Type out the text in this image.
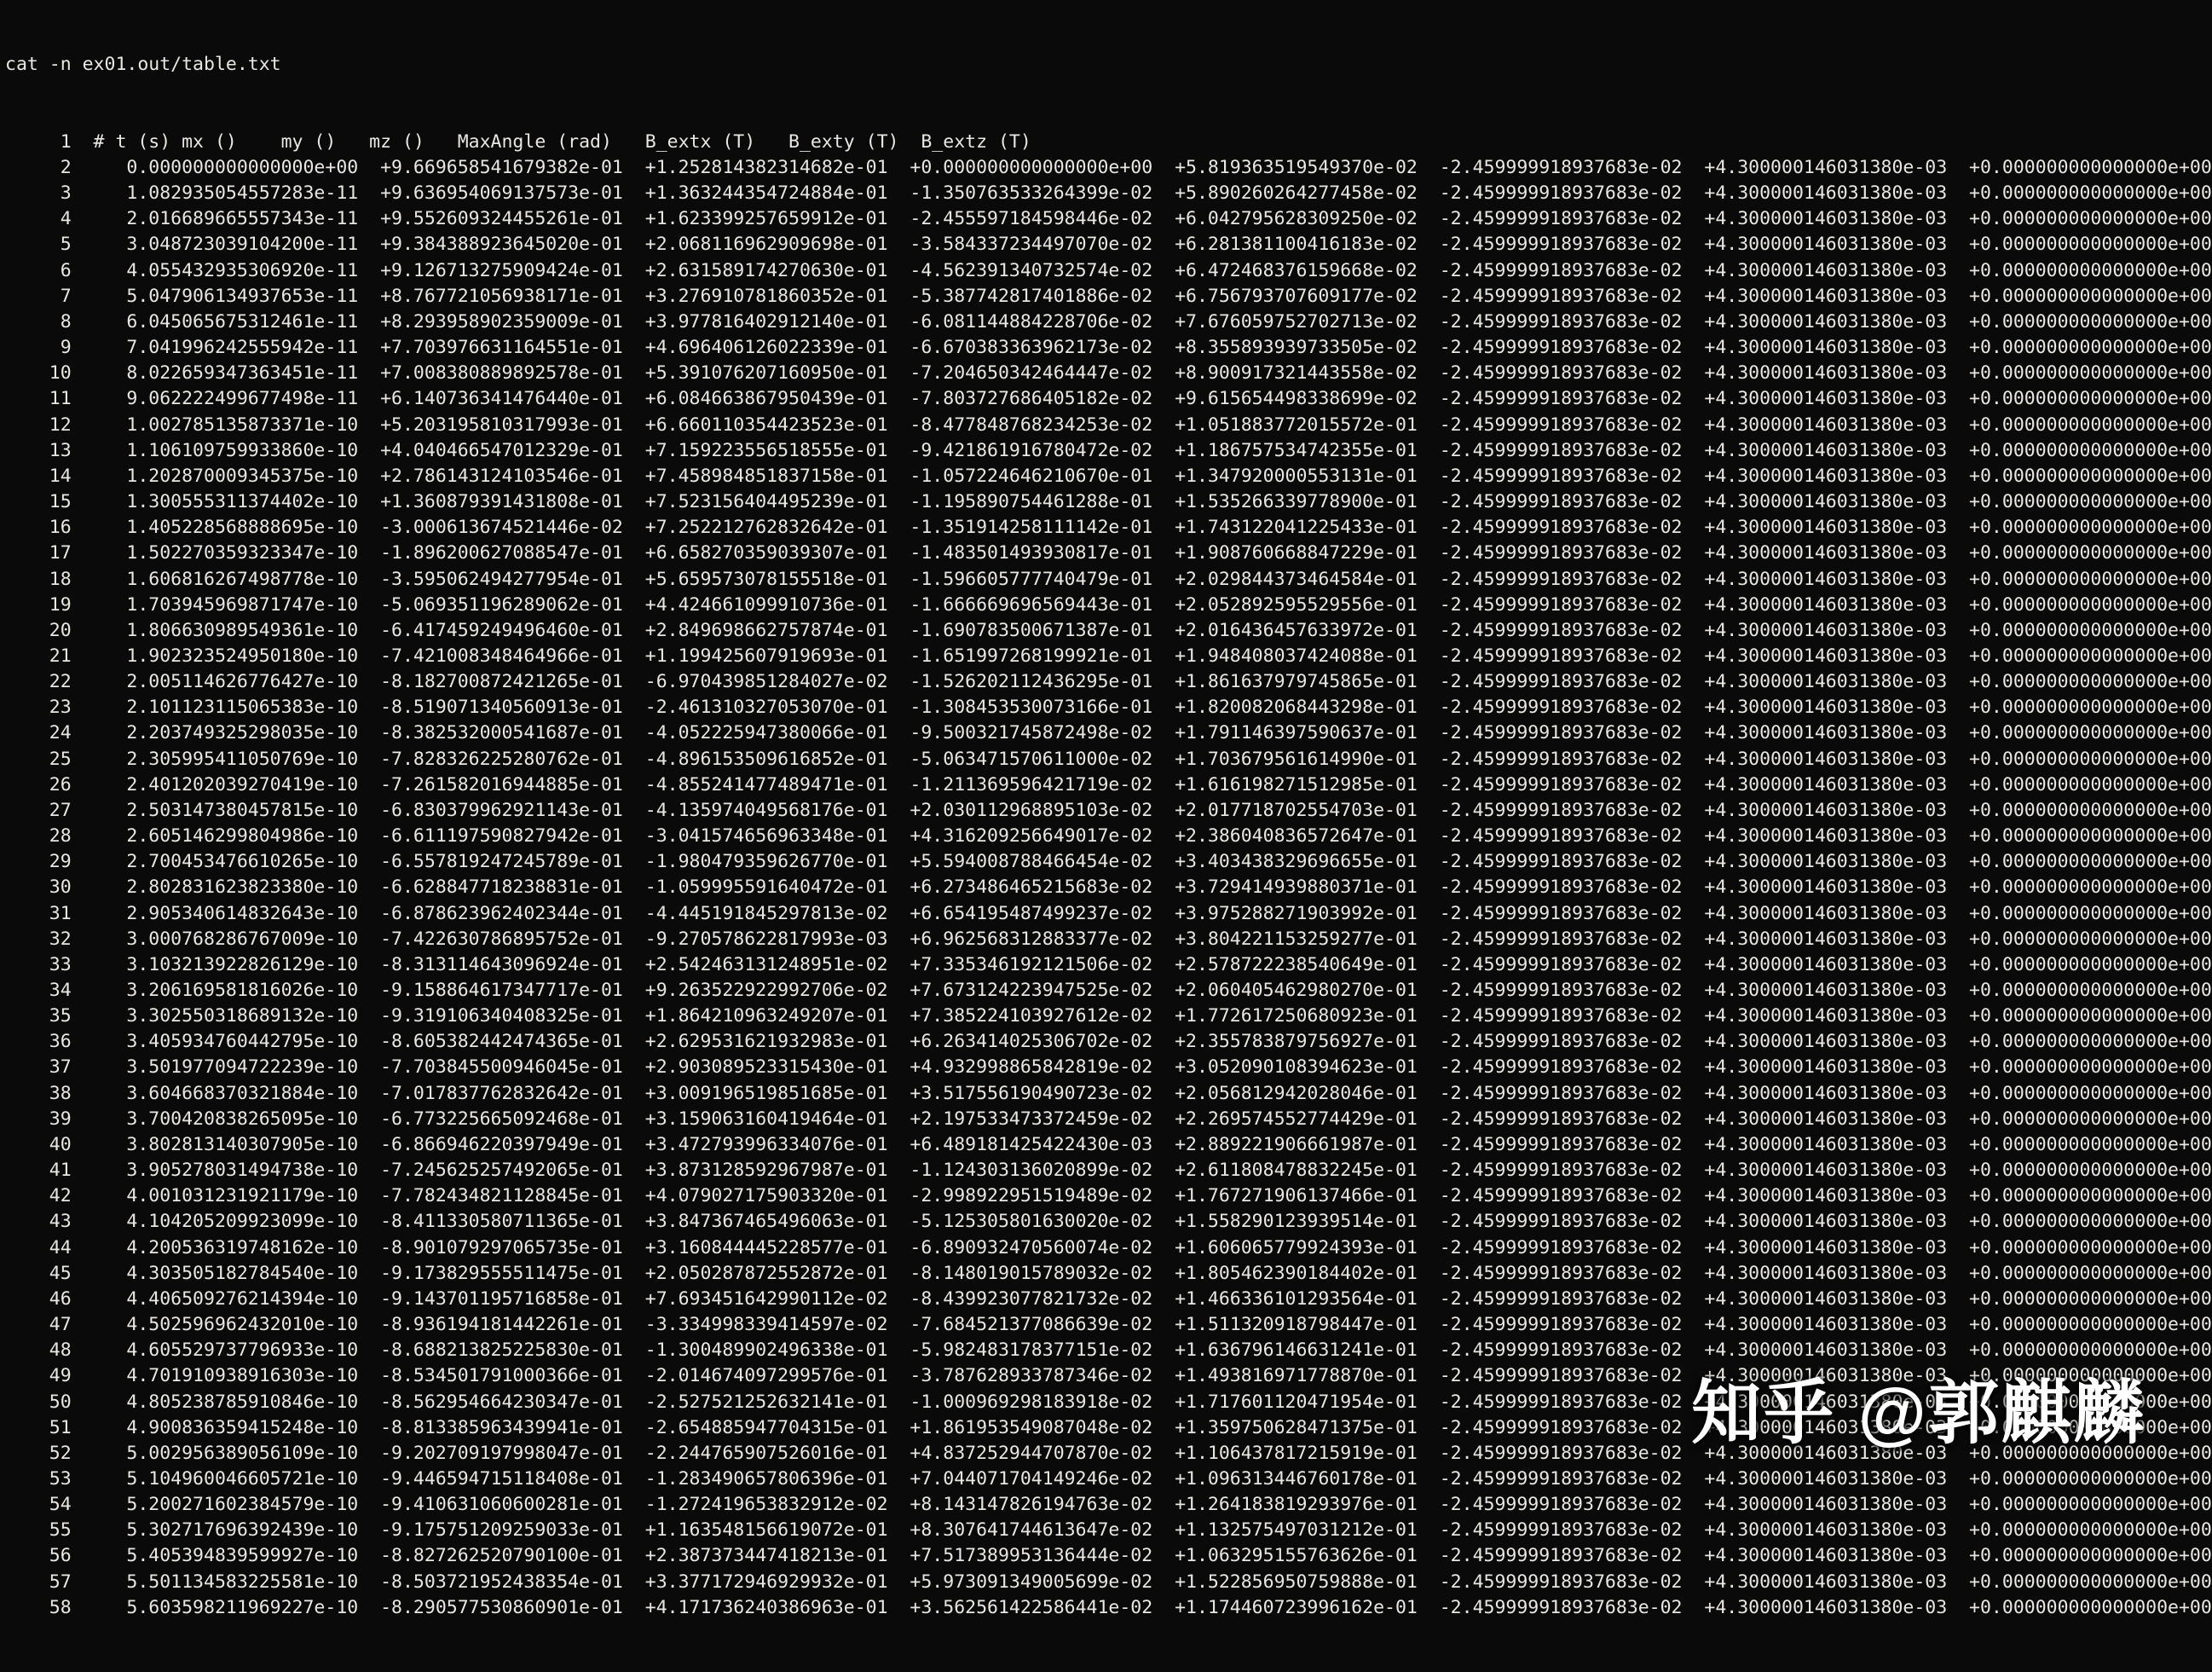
cat -n ex01.out/table.txt

1  # t (s) mx ()    my ()   mz ()   MaxAngle (rad)   B_extx (T)   B_exty (T)  B_extz (T)
2     0.000000000000000e+00  +9.669658541679382e-01  +1.252814382314682e-01  +0.000000000000000e+00  +5.819363519549370e-02  -2.459999918937683e-02  +4.300000146031380e-03  +0.000000000000000e+00
3     1.082935054557283e-11  +9.636954069137573e-01  +1.363244354724884e-01  -1.350763533264399e-02  +5.890260264277458e-02  -2.459999918937683e-02  +4.300000146031380e-03  +0.000000000000000e+00
4     2.016689665557343e-11  +9.552609324455261e-01  +1.623399257659912e-01  -2.455597184598446e-02  +6.042795628309250e-02  -2.459999918937683e-02  +4.300000146031380e-03  +0.000000000000000e+00
5     3.048723039104200e-11  +9.384388923645020e-01  +2.068116962909698e-01  -3.584337234497070e-02  +6.281381100416183e-02  -2.459999918937683e-02  +4.300000146031380e-03  +0.000000000000000e+00
6     4.055432935306920e-11  +9.126713275909424e-01  +2.631589174270630e-01  -4.562391340732574e-02  +6.472468376159668e-02  -2.459999918937683e-02  +4.300000146031380e-03  +0.000000000000000e+00
7     5.047906134937653e-11  +8.767721056938171e-01  +3.276910781860352e-01  -5.387742817401886e-02  +6.756793707609177e-02  -2.459999918937683e-02  +4.300000146031380e-03  +0.000000000000000e+00
8     6.045065675312461e-11  +8.293958902359009e-01  +3.977816402912140e-01  -6.081144884228706e-02  +7.676059752702713e-02  -2.459999918937683e-02  +4.300000146031380e-03  +0.000000000000000e+00
9     7.041996242555942e-11  +7.703976631164551e-01  +4.696406126022339e-01  -6.670383363962173e-02  +8.355893939733505e-02  -2.459999918937683e-02  +4.300000146031380e-03  +0.000000000000000e+00
10     8.022659347363451e-11  +7.008380889892578e-01  +5.391076207160950e-01  -7.204650342464447e-02  +8.900917321443558e-02  -2.459999918937683e-02  +4.300000146031380e-03  +0.000000000000000e+00
11     9.062222499677498e-11  +6.140736341476440e-01  +6.084663867950439e-01  -7.803727686405182e-02  +9.615654498338699e-02  -2.459999918937683e-02  +4.300000146031380e-03  +0.000000000000000e+00
12     1.002785135873371e-10  +5.203195810317993e-01  +6.660110354423523e-01  -8.477848768234253e-02  +1.051883772015572e-01  -2.459999918937683e-02  +4.300000146031380e-03  +0.000000000000000e+00
13     1.106109759933860e-10  +4.040466547012329e-01  +7.159223556518555e-01  -9.421861916780472e-02  +1.186757534742355e-01  -2.459999918937683e-02  +4.300000146031380e-03  +0.000000000000000e+00
14     1.202870009345375e-10  +2.786143124103546e-01  +7.458984851837158e-01  -1.057224646210670e-01  +1.347920000553131e-01  -2.459999918937683e-02  +4.300000146031380e-03  +0.000000000000000e+00
15     1.300555311374402e-10  +1.360879391431808e-01  +7.523156404495239e-01  -1.195890754461288e-01  +1.535266339778900e-01  -2.459999918937683e-02  +4.300000146031380e-03  +0.000000000000000e+00
16     1.405228568888695e-10  -3.000613674521446e-02  +7.252212762832642e-01  -1.351914258111142e-01  +1.743122041225433e-01  -2.459999918937683e-02  +4.300000146031380e-03  +0.000000000000000e+00
17     1.502270359323347e-10  -1.896200627088547e-01  +6.658270359039307e-01  -1.483501493930817e-01  +1.908760668847229e-01  -2.459999918937683e-02  +4.300000146031380e-03  +0.000000000000000e+00
18     1.606816267498778e-10  -3.595062494277954e-01  +5.659573078155518e-01  -1.596605777740479e-01  +2.029844373464584e-01  -2.459999918937683e-02  +4.300000146031380e-03  +0.000000000000000e+00
19     1.703945969871747e-10  -5.069351196289062e-01  +4.424661099910736e-01  -1.666669696569443e-01  +2.052892595529556e-01  -2.459999918937683e-02  +4.300000146031380e-03  +0.000000000000000e+00
20     1.806630989549361e-10  -6.417459249496460e-01  +2.849698662757874e-01  -1.690783500671387e-01  +2.016436457633972e-01  -2.459999918937683e-02  +4.300000146031380e-03  +0.000000000000000e+00
21     1.902323524950180e-10  -7.421008348464966e-01  +1.199425607919693e-01  -1.651997268199921e-01  +1.948408037424088e-01  -2.459999918937683e-02  +4.300000146031380e-03  +0.000000000000000e+00
22     2.005114626776427e-10  -8.182700872421265e-01  -6.970439851284027e-02  -1.526202112436295e-01  +1.861637979745865e-01  -2.459999918937683e-02  +4.300000146031380e-03  +0.000000000000000e+00
23     2.101123115065383e-10  -8.519071340560913e-01  -2.461310327053070e-01  -1.308453530073166e-01  +1.820082068443298e-01  -2.459999918937683e-02  +4.300000146031380e-03  +0.000000000000000e+00
24     2.203749325298035e-10  -8.382532000541687e-01  -4.052225947380066e-01  -9.500321745872498e-02  +1.791146397590637e-01  -2.459999918937683e-02  +4.300000146031380e-03  +0.000000000000000e+00
25     2.305995411050769e-10  -7.828326225280762e-01  -4.896153509616852e-01  -5.063471570611000e-02  +1.703679561614990e-01  -2.459999918937683e-02  +4.300000146031380e-03  +0.000000000000000e+00
26     2.401202039270419e-10  -7.261582016944885e-01  -4.855241477489471e-01  -1.211369596421719e-02  +1.616198271512985e-01  -2.459999918937683e-02  +4.300000146031380e-03  +0.000000000000000e+00
27     2.503147380457815e-10  -6.830379962921143e-01  -4.135974049568176e-01  +2.030112968895103e-02  +2.017718702554703e-01  -2.459999918937683e-02  +4.300000146031380e-03  +0.000000000000000e+00
28     2.605146299804986e-10  -6.611197590827942e-01  -3.041574656963348e-01  +4.316209256649017e-02  +2.386040836572647e-01  -2.459999918937683e-02  +4.300000146031380e-03  +0.000000000000000e+00
29     2.700453476610265e-10  -6.557819247245789e-01  -1.980479359626770e-01  +5.594008788466454e-02  +3.403438329696655e-01  -2.459999918937683e-02  +4.300000146031380e-03  +0.000000000000000e+00
30     2.802831623823380e-10  -6.628847718238831e-01  -1.059995591640472e-01  +6.273486465215683e-02  +3.729414939880371e-01  -2.459999918937683e-02  +4.300000146031380e-03  +0.000000000000000e+00
31     2.905340614832643e-10  -6.878623962402344e-01  -4.445191845297813e-02  +6.654195487499237e-02  +3.975288271903992e-01  -2.459999918937683e-02  +4.300000146031380e-03  +0.000000000000000e+00
32     3.000768286767009e-10  -7.422630786895752e-01  -9.270578622817993e-03  +6.962568312883377e-02  +3.804221153259277e-01  -2.459999918937683e-02  +4.300000146031380e-03  +0.000000000000000e+00
33     3.103213922826129e-10  -8.313114643096924e-01  +2.542463131248951e-02  +7.335346192121506e-02  +2.578722238540649e-01  -2.459999918937683e-02  +4.300000146031380e-03  +0.000000000000000e+00
34     3.206169581816026e-10  -9.158864617347717e-01  +9.263522922992706e-02  +7.673124223947525e-02  +2.060405462980270e-01  -2.459999918937683e-02  +4.300000146031380e-03  +0.000000000000000e+00
35     3.302550318689132e-10  -9.319106340408325e-01  +1.864210963249207e-01  +7.385224103927612e-02  +1.772617250680923e-01  -2.459999918937683e-02  +4.300000146031380e-03  +0.000000000000000e+00
36     3.405934760442795e-10  -8.605382442474365e-01  +2.629531621932983e-01  +6.263414025306702e-02  +2.355783879756927e-01  -2.459999918937683e-02  +4.300000146031380e-03  +0.000000000000000e+00
37     3.501977094722239e-10  -7.703845500946045e-01  +2.903089523315430e-01  +4.932998865842819e-02  +3.052090108394623e-01  -2.459999918937683e-02  +4.300000146031380e-03  +0.000000000000000e+00
38     3.604668370321884e-10  -7.017837762832642e-01  +3.009196519851685e-01  +3.517556190490723e-02  +2.056812942028046e-01  -2.459999918937683e-02  +4.300000146031380e-03  +0.000000000000000e+00
39     3.700420838265095e-10  -6.773225665092468e-01  +3.159063160419464e-01  +2.197533473372459e-02  +2.269574552774429e-01  -2.459999918937683e-02  +4.300000146031380e-03  +0.000000000000000e+00
40     3.802813140307905e-10  -6.866946220397949e-01  +3.472793996334076e-01  +6.489181425422430e-03  +2.889221906661987e-01  -2.459999918937683e-02  +4.300000146031380e-03  +0.000000000000000e+00
41     3.905278031494738e-10  -7.245625257492065e-01  +3.873128592967987e-01  -1.124303136020899e-02  +2.611808478832245e-01  -2.459999918937683e-02  +4.300000146031380e-03  +0.000000000000000e+00
42     4.001031231921179e-10  -7.782434821128845e-01  +4.079027175903320e-01  -2.998922951519489e-02  +1.767271906137466e-01  -2.459999918937683e-02  +4.300000146031380e-03  +0.000000000000000e+00
43     4.104205209923099e-10  -8.411330580711365e-01  +3.847367465496063e-01  -5.125305801630020e-02  +1.558290123939514e-01  -2.459999918937683e-02  +4.300000146031380e-03  +0.000000000000000e+00
44     4.200536319748162e-10  -8.901079297065735e-01  +3.160844445228577e-01  -6.890932470560074e-02  +1.606065779924393e-01  -2.459999918937683e-02  +4.300000146031380e-03  +0.000000000000000e+00
45     4.303505182784540e-10  -9.173829555511475e-01  +2.050287872552872e-01  -8.148019015789032e-02  +1.805462390184402e-01  -2.459999918937683e-02  +4.300000146031380e-03  +0.000000000000000e+00
46     4.406509276214394e-10  -9.143701195716858e-01  +7.693451642990112e-02  -8.439923077821732e-02  +1.466336101293564e-01  -2.459999918937683e-02  +4.300000146031380e-03  +0.000000000000000e+00
47     4.502596962432010e-10  -8.936194181442261e-01  -3.334998339414597e-02  -7.684521377086639e-02  +1.511320918798447e-01  -2.459999918937683e-02  +4.300000146031380e-03  +0.000000000000000e+00
48     4.605529737796933e-10  -8.688213825225830e-01  -1.300489902496338e-01  -5.982483178377151e-02  +1.636796146631241e-01  -2.459999918937683e-02  +4.300000146031380e-03  +0.000000000000000e+00
49     4.701910938916303e-10  -8.534501791000366e-01  -2.014674097299576e-01  -3.787628933787346e-02  +1.493816971778870e-01  -2.459999918937683e-02  +4.300000146031380e-03  +0.000000000000000e+00
50     4.805238785910846e-10  -8.562954664230347e-01  -2.527521252632141e-01  -1.000969298183918e-02  +1.717601120471954e-01  -2.459999918937683e-02  +4.300000146031380e-03  +0.000000000000000e+00
51     4.900836359415248e-10  -8.813385963439941e-01  -2.654885947704315e-01  +1.861953549087048e-02  +1.359750628471375e-01  -2.459999918937683e-02  +4.300000146031380e-03  +0.000000000000000e+00
52     5.002956389056109e-10  -9.202709197998047e-01  -2.244765907526016e-01  +4.837252944707870e-02  +1.106437817215919e-01  -2.459999918937683e-02  +4.300000146031380e-03  +0.000000000000000e+00
53     5.104960046605721e-10  -9.446594715118408e-01  -1.283490657806396e-01  +7.044071704149246e-02  +1.096313446760178e-01  -2.459999918937683e-02  +4.300000146031380e-03  +0.000000000000000e+00
54     5.200271602384579e-10  -9.410631060600281e-01  -1.272419653832912e-02  +8.143147826194763e-02  +1.264183819293976e-01  -2.459999918937683e-02  +4.300000146031380e-03  +0.000000000000000e+00
55     5.302717696392439e-10  -9.175751209259033e-01  +1.163548156619072e-01  +8.307641744613647e-02  +1.132575497031212e-01  -2.459999918937683e-02  +4.300000146031380e-03  +0.000000000000000e+00
56     5.405394839599927e-10  -8.827262520790100e-01  +2.387373447418213e-01  +7.517389953136444e-02  +1.063295155763626e-01  -2.459999918937683e-02  +4.300000146031380e-03  +0.000000000000000e+00
57     5.501134583225581e-10  -8.503721952438354e-01  +3.377172946929932e-01  +5.973091349005699e-02  +1.522856950759888e-01  -2.459999918937683e-02  +4.300000146031380e-03  +0.000000000000000e+00
58     5.603598211969227e-10  -8.290577530860901e-01  +4.171736240386963e-01  +3.562561422586441e-02  +1.174460723996162e-01  -2.459999918937683e-02  +4.300000146031380e-03  +0.000000000000000e+00

知乎 @郭麒麟
